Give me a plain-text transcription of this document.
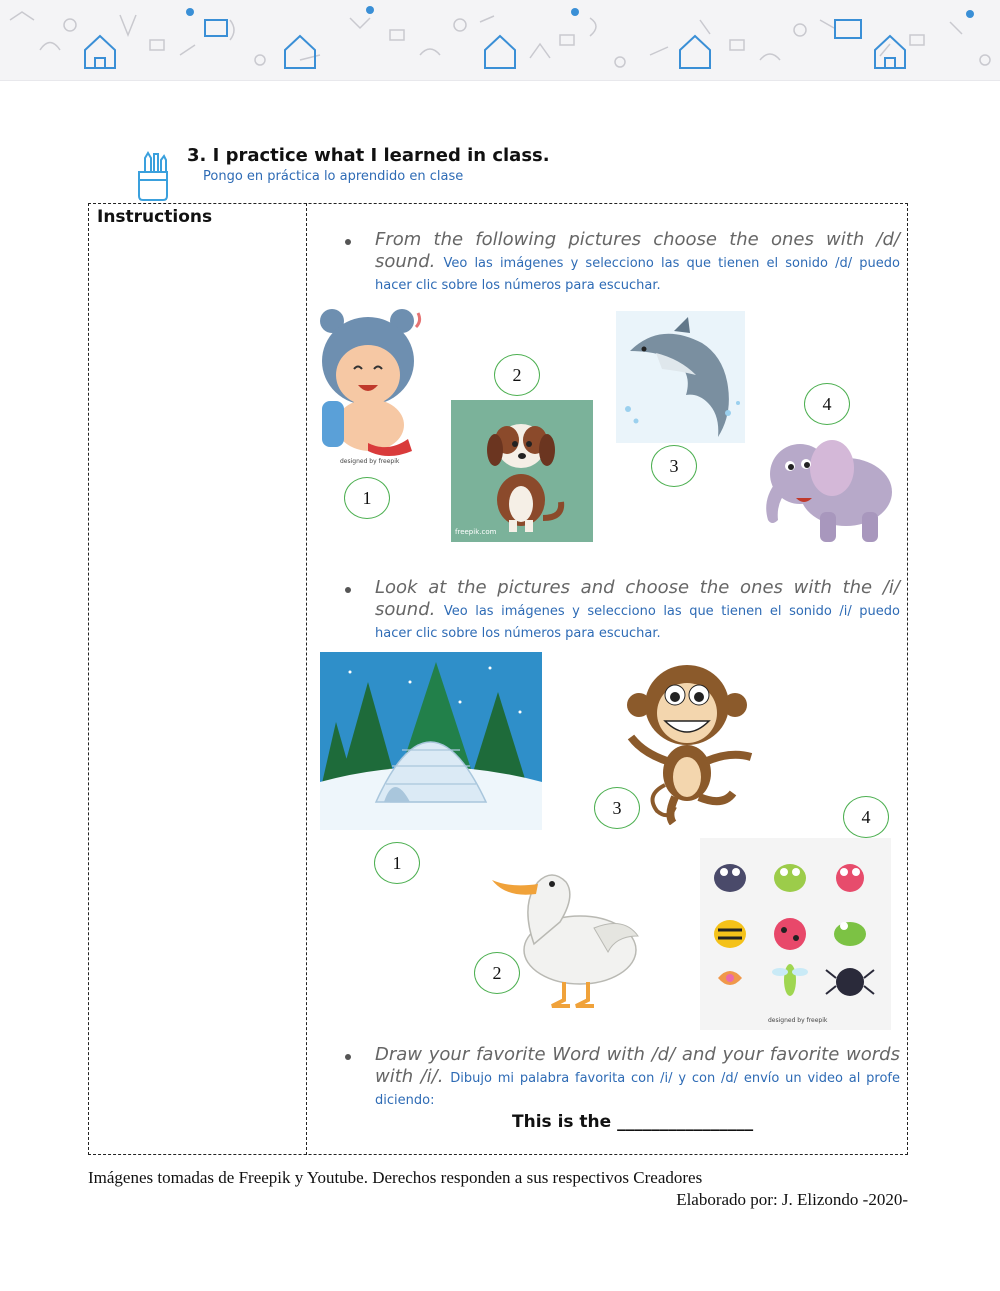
3. I practice what I learned in class.
Pongo en práctica lo aprendido en clase
Instructions
From the following pictures choose the ones with /d/ sound. Veo las imágenes y selecciono las que tienen el sonido /d/ puedo hacer clic sobre los números para escuchar.
designed by freepik
freepik.com
1
2
3
4
Look at the pictures and choose the ones with the /i/ sound. Veo las imágenes y selecciono las que tienen el sonido /i/ puedo hacer clic sobre los números para escuchar.
designed by freepik
1
2
3	4
Draw your favorite Word with /d/ and your favorite words with /i/. Dibujo mi palabra favorita con /i/ y con /d/ envío un video al profe diciendo:
This is the ________________
Imágenes tomadas de Freepik y Youtube. Derechos responden a sus respectivos Creadores
Elaborado por: J. Elizondo -2020-
